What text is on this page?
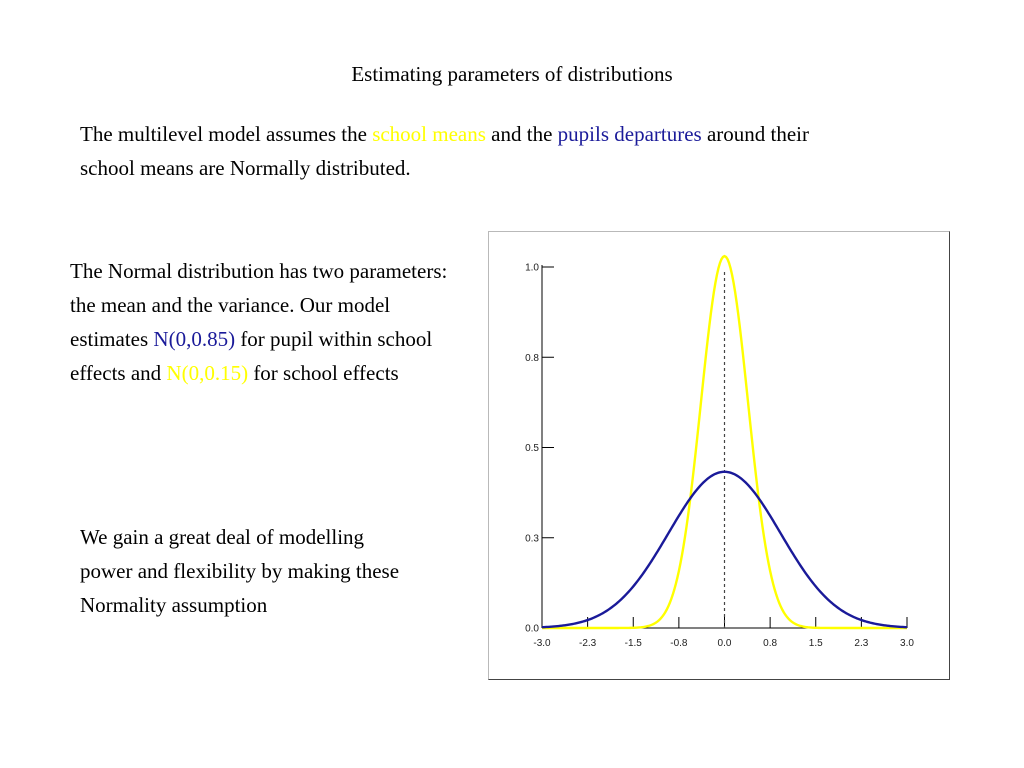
Estimating parameters of distributions

The multilevel model assumes the school means and the pupils departures around their school means are Normally distributed.

The Normal distribution has two parameters: the mean and the variance. Our model estimates N(0,0.85) for pupil within school effects and N(0,0.15) for school effects

We gain a great deal of modelling power and flexibility by making these Normality assumption

0.0
0.3
0.5
0.8
1.0
-3.0	-2.3	-1.5	-0.8	0.0	0.8	1.5	2.3	3.0
